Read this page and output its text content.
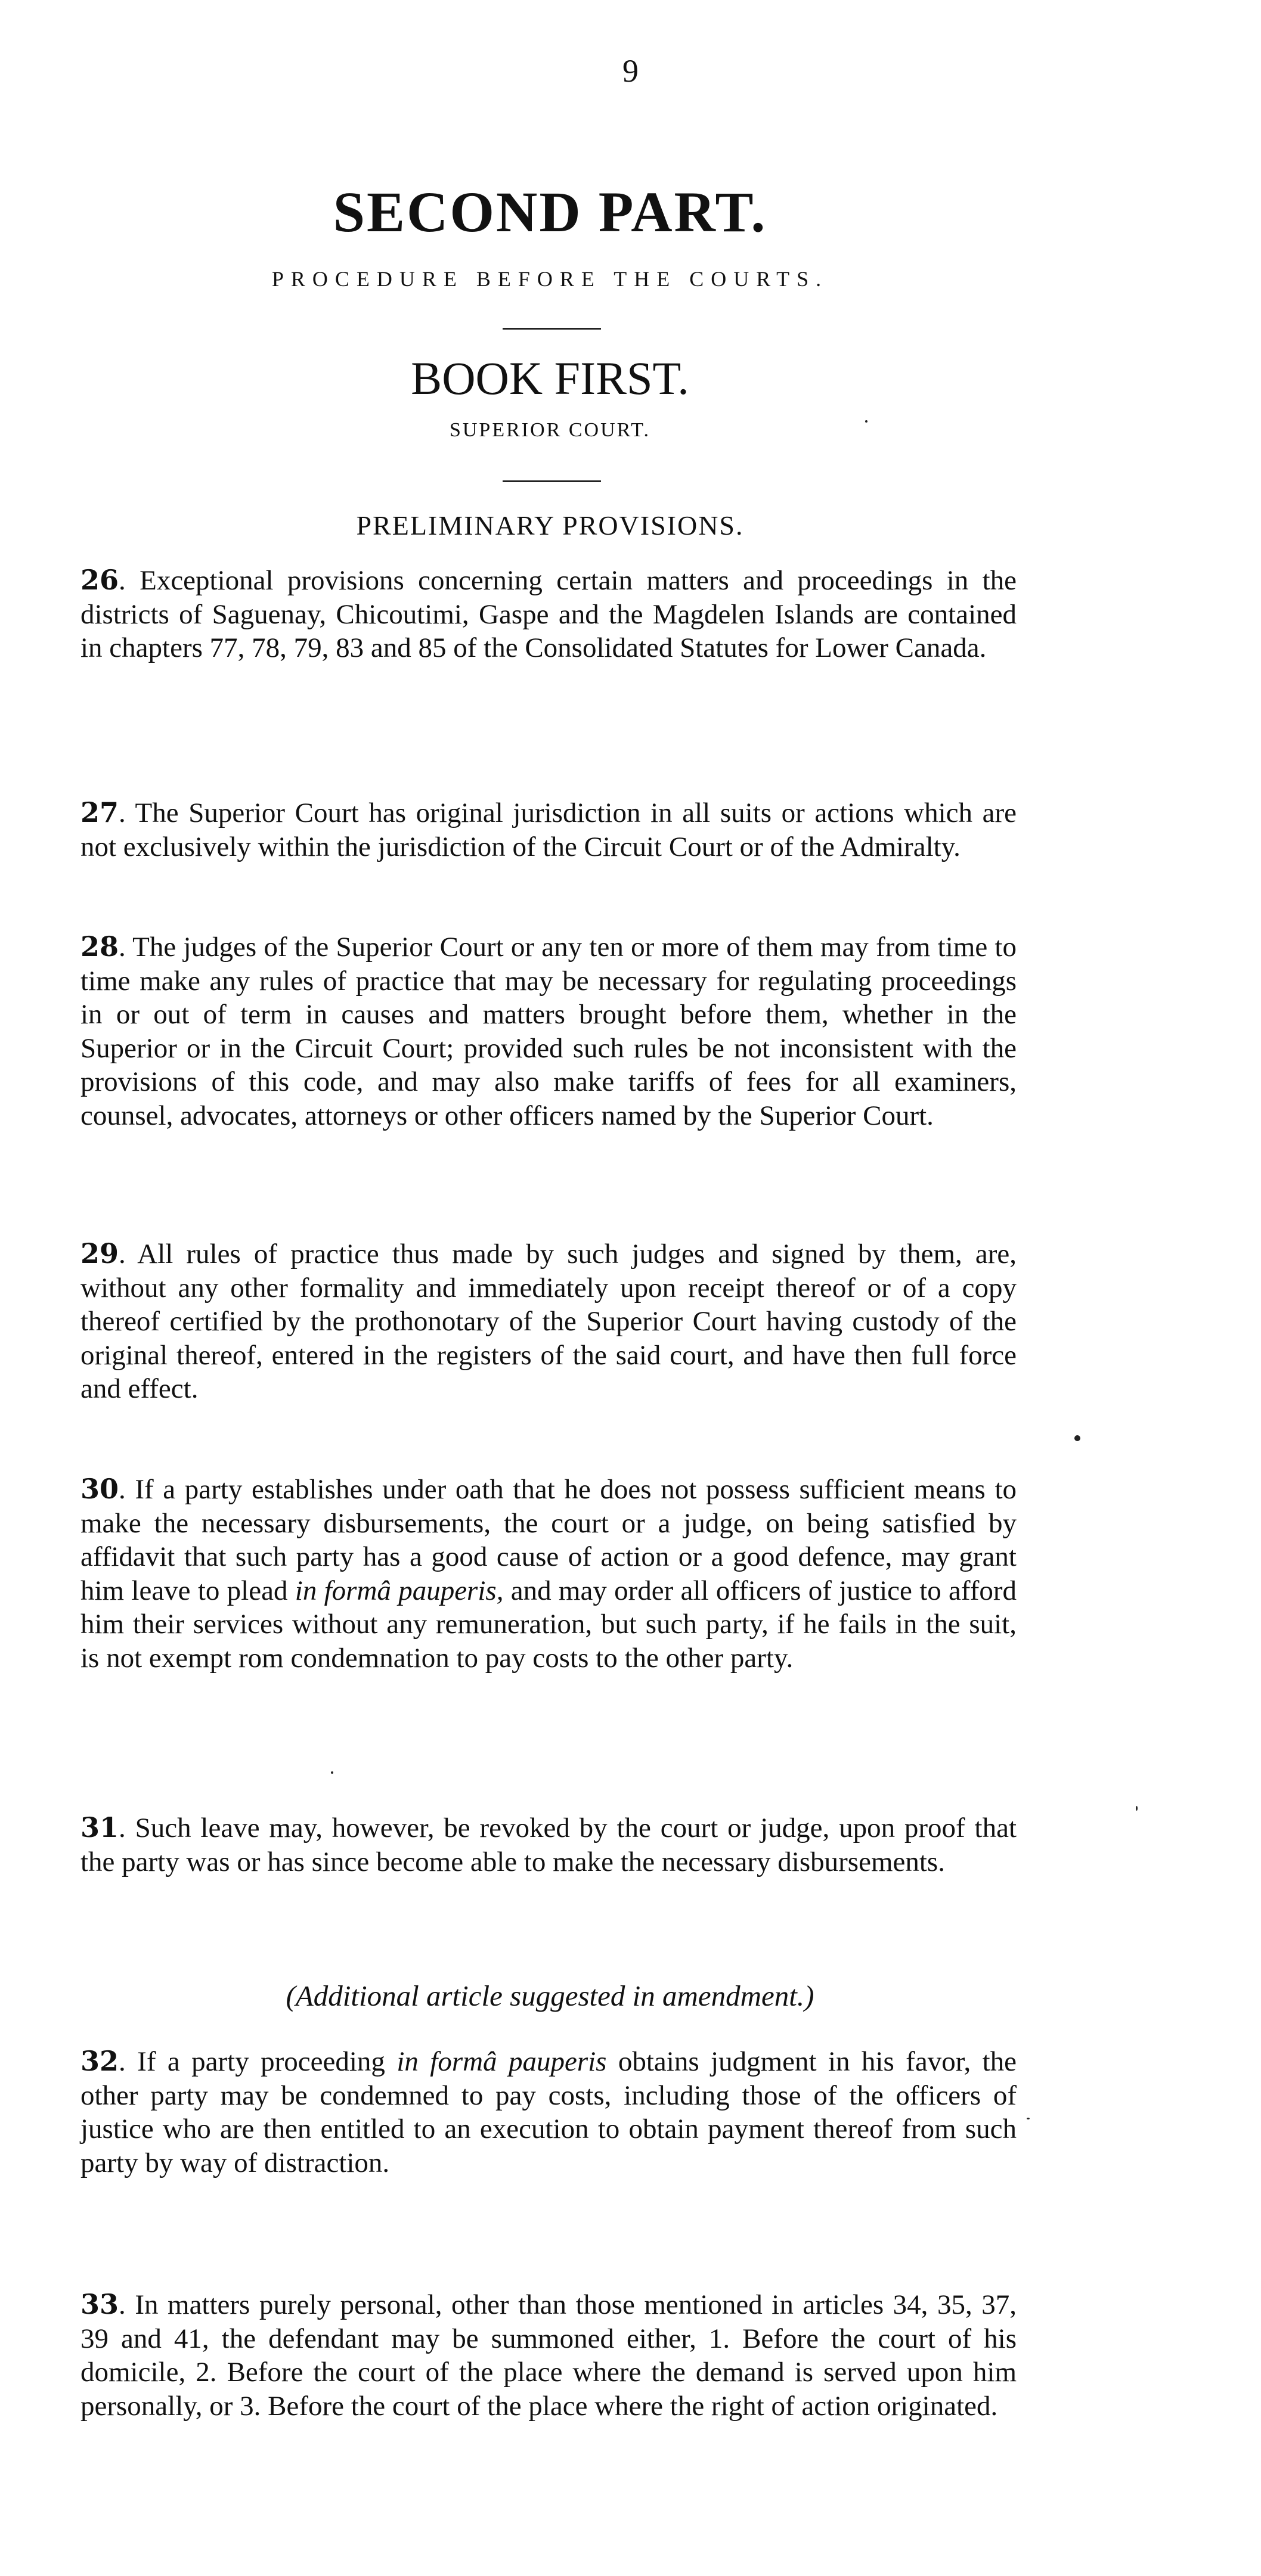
9
SECOND PART.
PROCEDURE BEFORE THE COURTS.
BOOK FIRST.
SUPERIOR COURT.
PRELIMINARY PROVISIONS.
26. Exceptional provisions concerning certain matters and proceedings in the districts of Saguenay, Chicoutimi, Gaspe and the Magdelen Islands are contained in chapters 77, 78, 79, 83 and 85 of the Consolidated Statutes for Lower Canada.
27. The Superior Court has original jurisdiction in all suits or actions which are not exclusively within the jurisdiction of the Circuit Court or of the Admiralty.
28. The judges of the Superior Court or any ten or more of them may from time to time make any rules of practice that may be necessary for regulating proceedings in or out of term in causes and matters brought before them, whether in the Superior or in the Circuit Court; provided such rules be not inconsistent with the provisions of this code, and may also make tariffs of fees for all examiners, counsel, advocates, attorneys or other officers named by the Superior Court.
29. All rules of practice thus made by such judges and signed by them, are, without any other formality and immediately upon receipt thereof or of a copy thereof certified by the prothonotary of the Superior Court having custody of the original thereof, entered in the registers of the said court, and have then full force and effect.
30. If a party establishes under oath that he does not possess sufficient means to make the necessary disbursements, the court or a judge, on being satisfied by affidavit that such party has a good cause of action or a good defence, may grant him leave to plead in formâ pauperis, and may order all officers of justice to afford him their services without any remuneration, but such party, if he fails in the suit, is not exempt rom condemnation to pay costs to the other party.
31. Such leave may, however, be revoked by the court or judge, upon proof that the party was or has since become able to make the necessary disbursements.
(Additional article suggested in amendment.)
32. If a party proceeding in formâ pauperis obtains judgment in his favor, the other party may be condemned to pay costs, including those of the officers of justice who are then entitled to an execution to obtain payment thereof from such party by way of distraction.
33. In matters purely personal, other than those mentioned in articles 34, 35, 37, 39 and 41, the defendant may be summoned either, 1. Before the court of his domicile, 2. Before the court of the place where the demand is served upon him personally, or 3. Before the court of the place where the right of action originated.
